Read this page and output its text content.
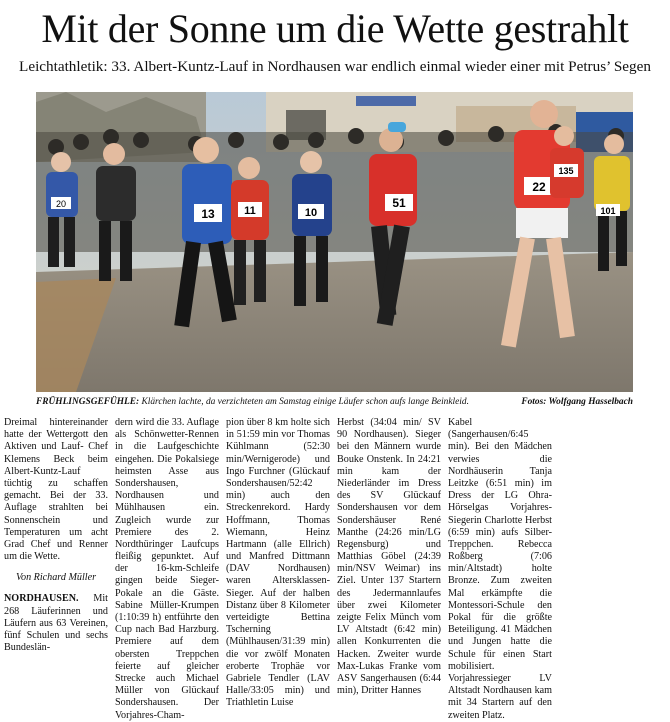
Mit der Sonne um die Wette gestrahlt
Leichtathletik: 33. Albert-Kuntz-Lauf in Nordhausen war endlich einmal wieder einer mit Petrus’ Segen
20
13	11	10
51
22
135
101
FRÜHLINGSGEFÜHLE: Klärchen lachte, da verzichteten am Samstag einige Läufer schon aufs lange Beinkleid.	Fotos: Wolfgang Hasselbach

Dreimal hintereinander hatte der Wettergott den Aktiven und Lauf- Chef Klemens Beck beim Albert-Kuntz-Lauf tüchtig zu schaffen gemacht. Bei der 33. Auflage strahlten bei Sonnenschein und Temperaturen um acht Grad Chef und Renner um die Wette.

Von Richard Müller

NORDHAUSEN. Mit 268 Läuferinnen und Läufern aus 63 Vereinen, fünf Schulen und sechs Bundeslän-

dern wird die 33. Auflage als Schönwetter-Rennen in die Laufgeschichte eingehen. Die Pokalsiege heimsten Asse aus Sondershausen, Nordhausen und Mühlhausen ein. Zugleich wurde zur Premiere des 2. Nordthüringer Laufcups fleißig gepunktet. Auf der 16-km-Schleife gingen beide Sieger-Pokale an die Gäste. Sabine Müller-Krumpen (1:10:39 h) entführte den Cup nach Bad Harzburg. Premiere auf dem obersten Treppchen feierte auf gleicher Strecke auch Michael Müller von Glückauf Sondershausen. Der Vorjahres-Cham-

pion über 8 km holte sich in 51:59 min vor Thomas Kühlmann (52:30 min/Wernigerode) und Ingo Furchner (Glückauf Sondershausen/52:42 min) auch den Streckenrekord. Hardy Hoffmann, Thomas Wiemann, Heinz Hartmann (alle Ellrich) und Manfred Dittmann (DAV Nordhausen) waren Altersklassen-Sieger. Auf der halben Distanz über 8 Kilometer verteidigte Bettina Tscherning (Mühlhausen/31:39 min) die vor zwölf Monaten eroberte Trophäe vor Gabriele Tendler (LAV Halle/33:05 min) und Triathletin Luise

Herbst (34:04 min/ SV 90 Nordhausen). Sieger bei den Männern wurde Bouke Onstenk. In 24:21 min kam der Niederländer im Dress des SV Glückauf Sondershausen vor dem Sondershäuser René Manthe (24:26 min/LG Regensburg) und Matthias Göbel (24:39 min/NSV Weimar) ins Ziel. Unter 137 Startern des Jedermannlaufes über zwei Kilometer zeigte Felix Münch vom LV Altstadt (6:42 min) allen Konkurrenten die Hacken. Zweiter wurde Max-Lukas Franke vom ASV Sangerhausen (6:44 min), Dritter Hannes

Kabel (Sangerhausen/6:45 min). Bei den Mädchen verwies die Nordhäuserin Tanja Leitzke (6:51 min) im Dress der LG Ohra-Hörselgas Vorjahres-Siegerin Charlotte Herbst (6:59 min) aufs Silber-Treppchen. Rebecca Roßberg (7:06 min/Altstadt) holte Bronze. Zum zweiten Mal erkämpfte die Montessori-Schule den Pokal für die größte Beteiligung. 41 Mädchen und Jungen hatte die Schule für einen Start mobilisiert. Vorjahressieger LV Altstadt Nordhausen kam mit 34 Startern auf den zweiten Platz.
